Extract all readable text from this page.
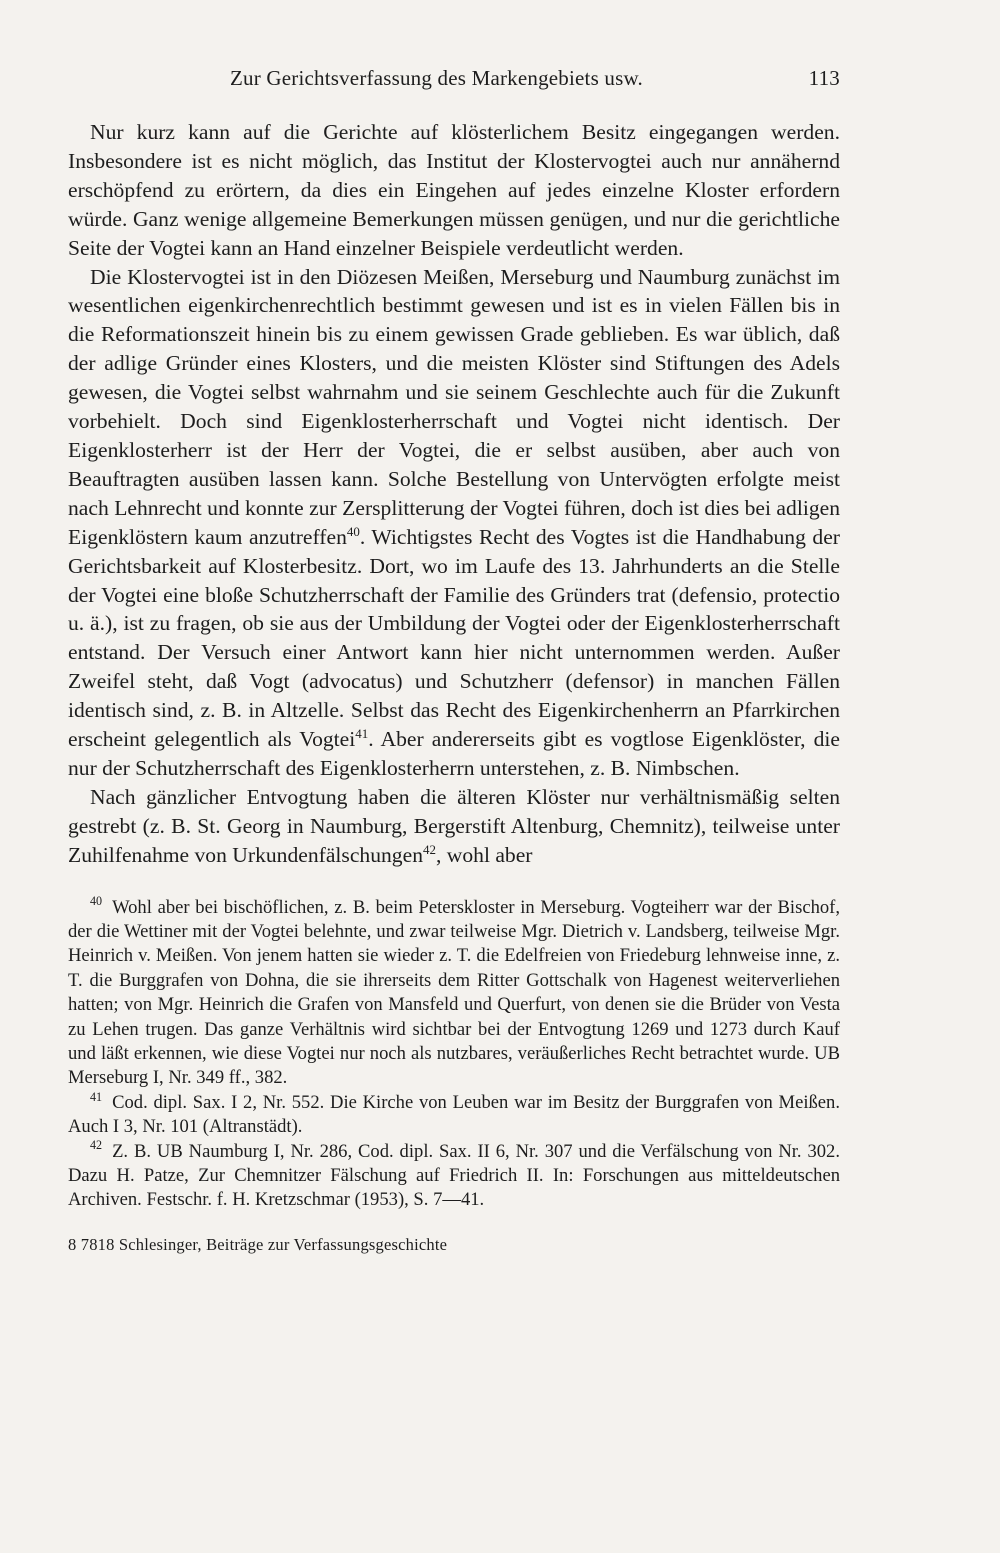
Zur Gerichtsverfassung des Markengebiets usw.	113

Nur kurz kann auf die Gerichte auf klösterlichem Besitz eingegangen werden. Insbesondere ist es nicht möglich, das Institut der Klostervogtei auch nur annähernd erschöpfend zu erörtern, da dies ein Eingehen auf jedes einzelne Kloster erfordern würde. Ganz wenige allgemeine Bemerkungen müssen genügen, und nur die gerichtliche Seite der Vogtei kann an Hand einzelner Beispiele verdeutlicht werden.

Die Klostervogtei ist in den Diözesen Meißen, Merseburg und Naumburg zunächst im wesentlichen eigenkirchenrechtlich bestimmt gewesen und ist es in vielen Fällen bis in die Reformationszeit hinein bis zu einem gewissen Grade geblieben. Es war üblich, daß der adlige Gründer eines Klosters, und die meisten Klöster sind Stiftungen des Adels gewesen, die Vogtei selbst wahrnahm und sie seinem Geschlechte auch für die Zukunft vorbehielt. Doch sind Eigenklosterherrschaft und Vogtei nicht identisch. Der Eigenklosterherr ist der Herr der Vogtei, die er selbst ausüben, aber auch von Beauftragten ausüben lassen kann. Solche Bestellung von Untervögten erfolgte meist nach Lehnrecht und konnte zur Zersplitterung der Vogtei führen, doch ist dies bei adligen Eigenklöstern kaum anzutreffen$^{40}$. Wichtigstes Recht des Vogtes ist die Handhabung der Gerichtsbarkeit auf Klosterbesitz. Dort, wo im Laufe des 13. Jahrhunderts an die Stelle der Vogtei eine bloße Schutzherrschaft der Familie des Gründers trat (defensio, protectio u. ä.), ist zu fragen, ob sie aus der Umbildung der Vogtei oder der Eigenklosterherrschaft entstand. Der Versuch einer Antwort kann hier nicht unternommen werden. Außer Zweifel steht, daß Vogt (advocatus) und Schutzherr (defensor) in manchen Fällen identisch sind, z. B. in Altzelle. Selbst das Recht des Eigenkirchenherrn an Pfarrkirchen erscheint gelegentlich als Vogtei$^{41}$. Aber andererseits gibt es vogtlose Eigenklöster, die nur der Schutzherrschaft des Eigenklosterherrn unterstehen, z. B. Nimbschen.

Nach gänzlicher Entvogtung haben die älteren Klöster nur verhältnismäßig selten gestrebt (z. B. St. Georg in Naumburg, Bergerstift Altenburg, Chemnitz), teilweise unter Zuhilfenahme von Urkundenfälschungen$^{42}$, wohl aber

$^{40}$ Wohl aber bei bischöflichen, z. B. beim Peterskloster in Merseburg. Vogteiherr war der Bischof, der die Wettiner mit der Vogtei belehnte, und zwar teilweise Mgr. Dietrich v. Landsberg, teilweise Mgr. Heinrich v. Meißen. Von jenem hatten sie wieder z. T. die Edelfreien von Friedeburg lehnweise inne, z. T. die Burggrafen von Dohna, die sie ihrerseits dem Ritter Gottschalk von Hagenest weiterverliehen hatten; von Mgr. Heinrich die Grafen von Mansfeld und Querfurt, von denen sie die Brüder von Vesta zu Lehen trugen. Das ganze Verhältnis wird sichtbar bei der Entvogtung 1269 und 1273 durch Kauf und läßt erkennen, wie diese Vogtei nur noch als nutzbares, veräußerliches Recht betrachtet wurde. UB Merseburg I, Nr. 349 ff., 382.

$^{41}$ Cod. dipl. Sax. I 2, Nr. 552. Die Kirche von Leuben war im Besitz der Burggrafen von Meißen. Auch I 3, Nr. 101 (Altranstädt).

$^{42}$ Z. B. UB Naumburg I, Nr. 286, Cod. dipl. Sax. II 6, Nr. 307 und die Verfälschung von Nr. 302. Dazu H. Patze, Zur Chemnitzer Fälschung auf Friedrich II. In: Forschungen aus mitteldeutschen Archiven. Festschr. f. H. Kretzschmar (1953), S. 7—41.

8 7818 Schlesinger, Beiträge zur Verfassungsgeschichte
